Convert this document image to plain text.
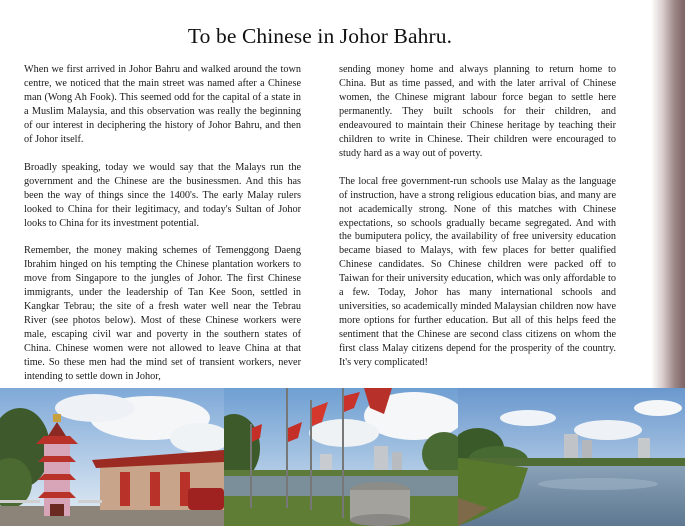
To be Chinese in Johor Bahru.

When we first arrived in Johor Bahru and walked around the town centre, we noticed that the main street was named after a Chinese man (Wong Ah Fook). This seemed odd for the capital of a state in a Muslim Malaysia, and this observation was really the beginning of our interest in deciphering the history of Johor Bahru, and then of Johor itself.

Broadly speaking, today we would say that the Malays run the government and the Chinese are the businessmen. And this has been the way of things since the 1400's. The early Malay rulers looked to China for their legitimacy, and today's Sultan of Johor looks to China for its investment potential.

Remember, the money making schemes of Temenggong Daeng Ibrahim hinged on his tempting the Chinese plantation workers to move from Singapore to the jungles of Johor. The first Chinese immigrants, under the leadership of Tan Kee Soon, settled in Kangkar Tebrau; the site of a fresh water well near the Tebrau River (see photos below). Most of these Chinese workers were male, escaping civil war and poverty in the southern states of China. Chinese women were not allowed to leave China at that time. So these men had the mind set of transient workers, never intending to settle down in Johor,

sending money home and always planning to return home to China. But as time passed, and with the later arrival of Chinese women, the Chinese migrant labour force began to settle here permanently. They built schools for their children, and endeavoured to maintain their Chinese heritage by teaching their children to write in Chinese. Their children were encouraged to study hard as a way out of poverty.

The local free government-run schools use Malay as the language of instruction, have a strong religious education bias, and many are not academically strong. None of this matches with Chinese expectations, so schools gradually became segregated. And with the bumiputera policy, the availability of free university education became biased to Malays, with few places for better qualified Chinese candidates. So Chinese children were packed off to Taiwan for their university education, which was only affordable to a few. Today, Johor has many international schools and universities, so academically minded Malaysian children now have more options for further education. But all of this helps feed the sentiment that the Chinese are second class citizens on whom the first class Malay citizens depend for the prosperity of the country. It's very complicated!
